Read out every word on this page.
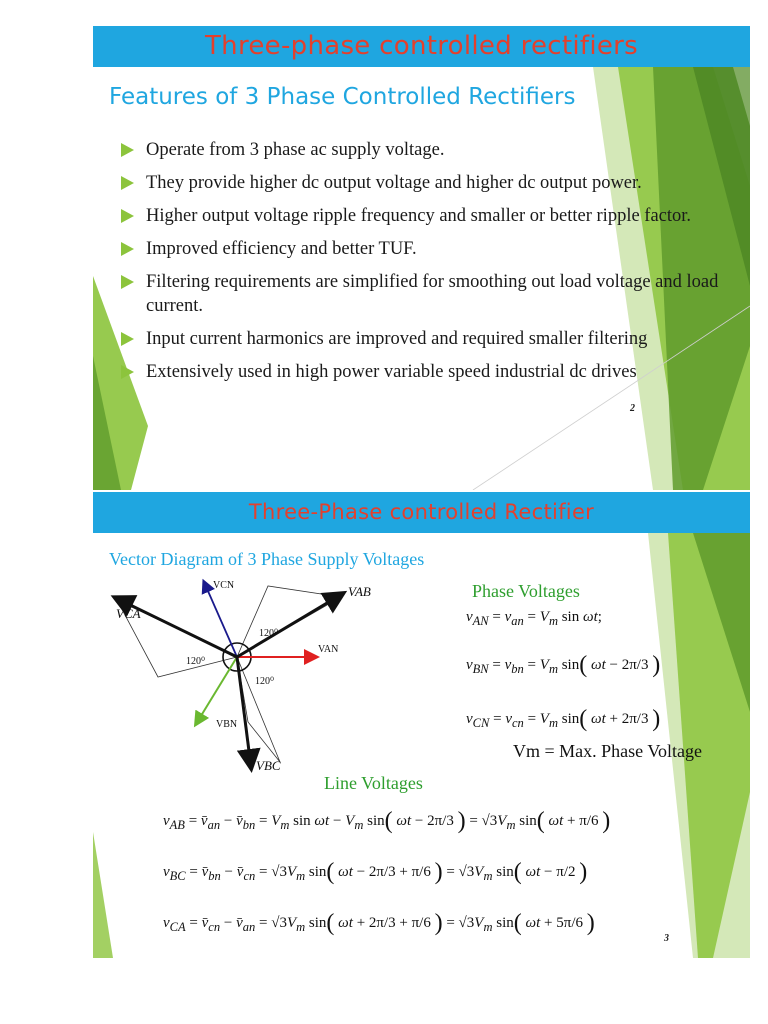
Three-phase controlled rectifiers
Features of 3 Phase Controlled Rectifiers
Operate from 3 phase ac supply voltage.
They provide higher dc output voltage and higher dc output power.
Higher output voltage ripple frequency and smaller or better ripple factor.
Improved efficiency and better TUF.
Filtering requirements are simplified for smoothing out load voltage and load current.
Input current harmonics are improved and required smaller filtering
Extensively used in high power variable speed industrial dc drives
2
Three-Phase controlled Rectifier
Vector Diagram of 3 Phase Supply Voltages
VCN	VAB
VCA
VAN
VBN
VBC
120⁰
120⁰
120⁰
Phase Voltages
$v_{AN} = v_{an} = V_m$ sin ωt;
$v_{BN} = v_{bn} = V_m$ sin( ωt − 2π/3 )
$v_{CN} = v_{cn} = V_m$ sin( ωt + 2π/3 )
Vm = Max. Phase Voltage
Line Voltages
$v_{AB}$ = $v̄_{an}$ − $v̄_{bn} = V_m$ $\sin \omega t - V_m$ sin( ωt − 2π/3 ) = $√3V_m$ sin( ωt + π/6 )
$v_{BC}$ = $v̄_{bn}$ − $v̄_{cn} = √3V_m$ sin( ωt − 2π/3 + π/6 ) = $√3V_m$ sin( ωt − π/2 )
$v_{CA}$ = $v̄_{cn}$ − $v̄_{an} = √3V_m$ sin( ωt + 2π/3 + π/6 ) = $√3V_m$ sin( ωt + 5π/6 )
3
